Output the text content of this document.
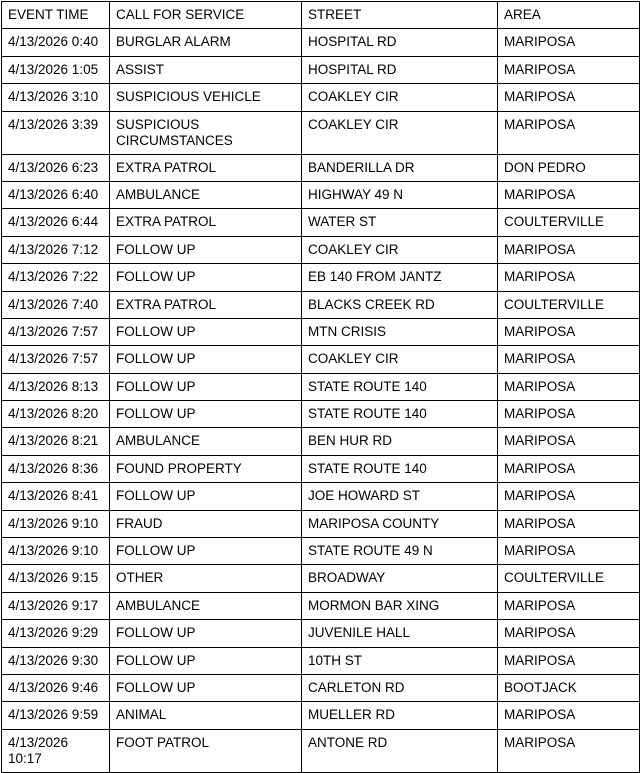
EVENT TIME	CALL FOR SERVICE	STREET	AREA
4/13/2026 0:40	BURGLAR ALARM	HOSPITAL RD	MARIPOSA
4/13/2026 1:05	ASSIST	HOSPITAL RD	MARIPOSA
4/13/2026 3:10	SUSPICIOUS VEHICLE	COAKLEY CIR	MARIPOSA
4/13/2026 3:39	SUSPICIOUS CIRCUMSTANCES	COAKLEY CIR	MARIPOSA
4/13/2026 6:23	EXTRA PATROL	BANDERILLA DR	DON PEDRO
4/13/2026 6:40	AMBULANCE	HIGHWAY 49 N	MARIPOSA
4/13/2026 6:44	EXTRA PATROL	WATER ST	COULTERVILLE
4/13/2026 7:12	FOLLOW UP	COAKLEY CIR	MARIPOSA
4/13/2026 7:22	FOLLOW UP	EB 140 FROM JANTZ	MARIPOSA
4/13/2026 7:40	EXTRA PATROL	BLACKS CREEK RD	COULTERVILLE
4/13/2026 7:57	FOLLOW UP	MTN CRISIS	MARIPOSA
4/13/2026 7:57	FOLLOW UP	COAKLEY CIR	MARIPOSA
4/13/2026 8:13	FOLLOW UP	STATE ROUTE 140	MARIPOSA
4/13/2026 8:20	FOLLOW UP	STATE ROUTE 140	MARIPOSA
4/13/2026 8:21	AMBULANCE	BEN HUR RD	MARIPOSA
4/13/2026 8:36	FOUND PROPERTY	STATE ROUTE 140	MARIPOSA
4/13/2026 8:41	FOLLOW UP	JOE HOWARD ST	MARIPOSA
4/13/2026 9:10	FRAUD	MARIPOSA COUNTY	MARIPOSA
4/13/2026 9:10	FOLLOW UP	STATE ROUTE 49 N	MARIPOSA
4/13/2026 9:15	OTHER	BROADWAY	COULTERVILLE
4/13/2026 9:17	AMBULANCE	MORMON BAR XING	MARIPOSA
4/13/2026 9:29	FOLLOW UP	JUVENILE HALL	MARIPOSA
4/13/2026 9:30	FOLLOW UP	10TH ST	MARIPOSA
4/13/2026 9:46	FOLLOW UP	CARLETON RD	BOOTJACK
4/13/2026 9:59	ANIMAL	MUELLER RD	MARIPOSA
4/13/2026 10:17	FOOT PATROL	ANTONE RD	MARIPOSA
